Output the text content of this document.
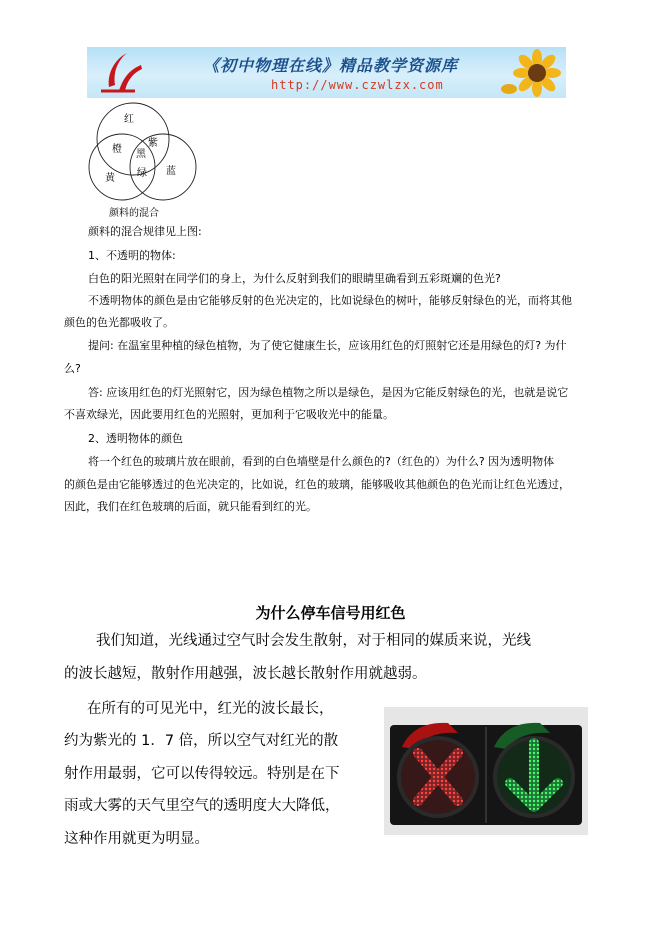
《初中物理在线》精品教学资源库
http://www.czwlzx.com
红
橙
紫
黑
绿
黄
蓝
颜料的混合
颜料的混合规律见上图:
1、不透明的物体:
白色的阳光照射在同学们的身上，为什么反射到我们的眼睛里确看到五彩斑斓的色光?
不透明物体的颜色是由它能够反射的色光决定的，比如说绿色的树叶，能够反射绿色的光，而将其他
颜色的色光都吸收了。
提问: 在温室里种植的绿色植物，为了使它健康生长，应该用红色的灯照射它还是用绿色的灯? 为什
么?
答: 应该用红色的灯光照射它，因为绿色植物之所以是绿色，是因为它能反射绿色的光，也就是说它
不喜欢绿光，因此要用红色的光照射，更加利于它吸收光中的能量。
2、透明物体的颜色
将一个红色的玻璃片放在眼前，看到的白色墙壁是什么颜色的?（红色的）为什么? 因为透明物体
的颜色是由它能够透过的色光决定的，比如说，红色的玻璃，能够吸收其他颜色的色光而让红色光透过，
因此，我们在红色玻璃的后面，就只能看到红的光。
为什么停车信号用红色
我们知道，光线通过空气时会发生散射，对于相同的媒质来说，光线
的波长越短，散射作用越强，波长越长散射作用就越弱。
在所有的可见光中，红光的波长最长，
约为紫光的 1．7 倍，所以空气对红光的散
射作用最弱，它可以传得较远。特别是在下
雨或大雾的天气里空气的透明度大大降低，
这种作用就更为明显。
